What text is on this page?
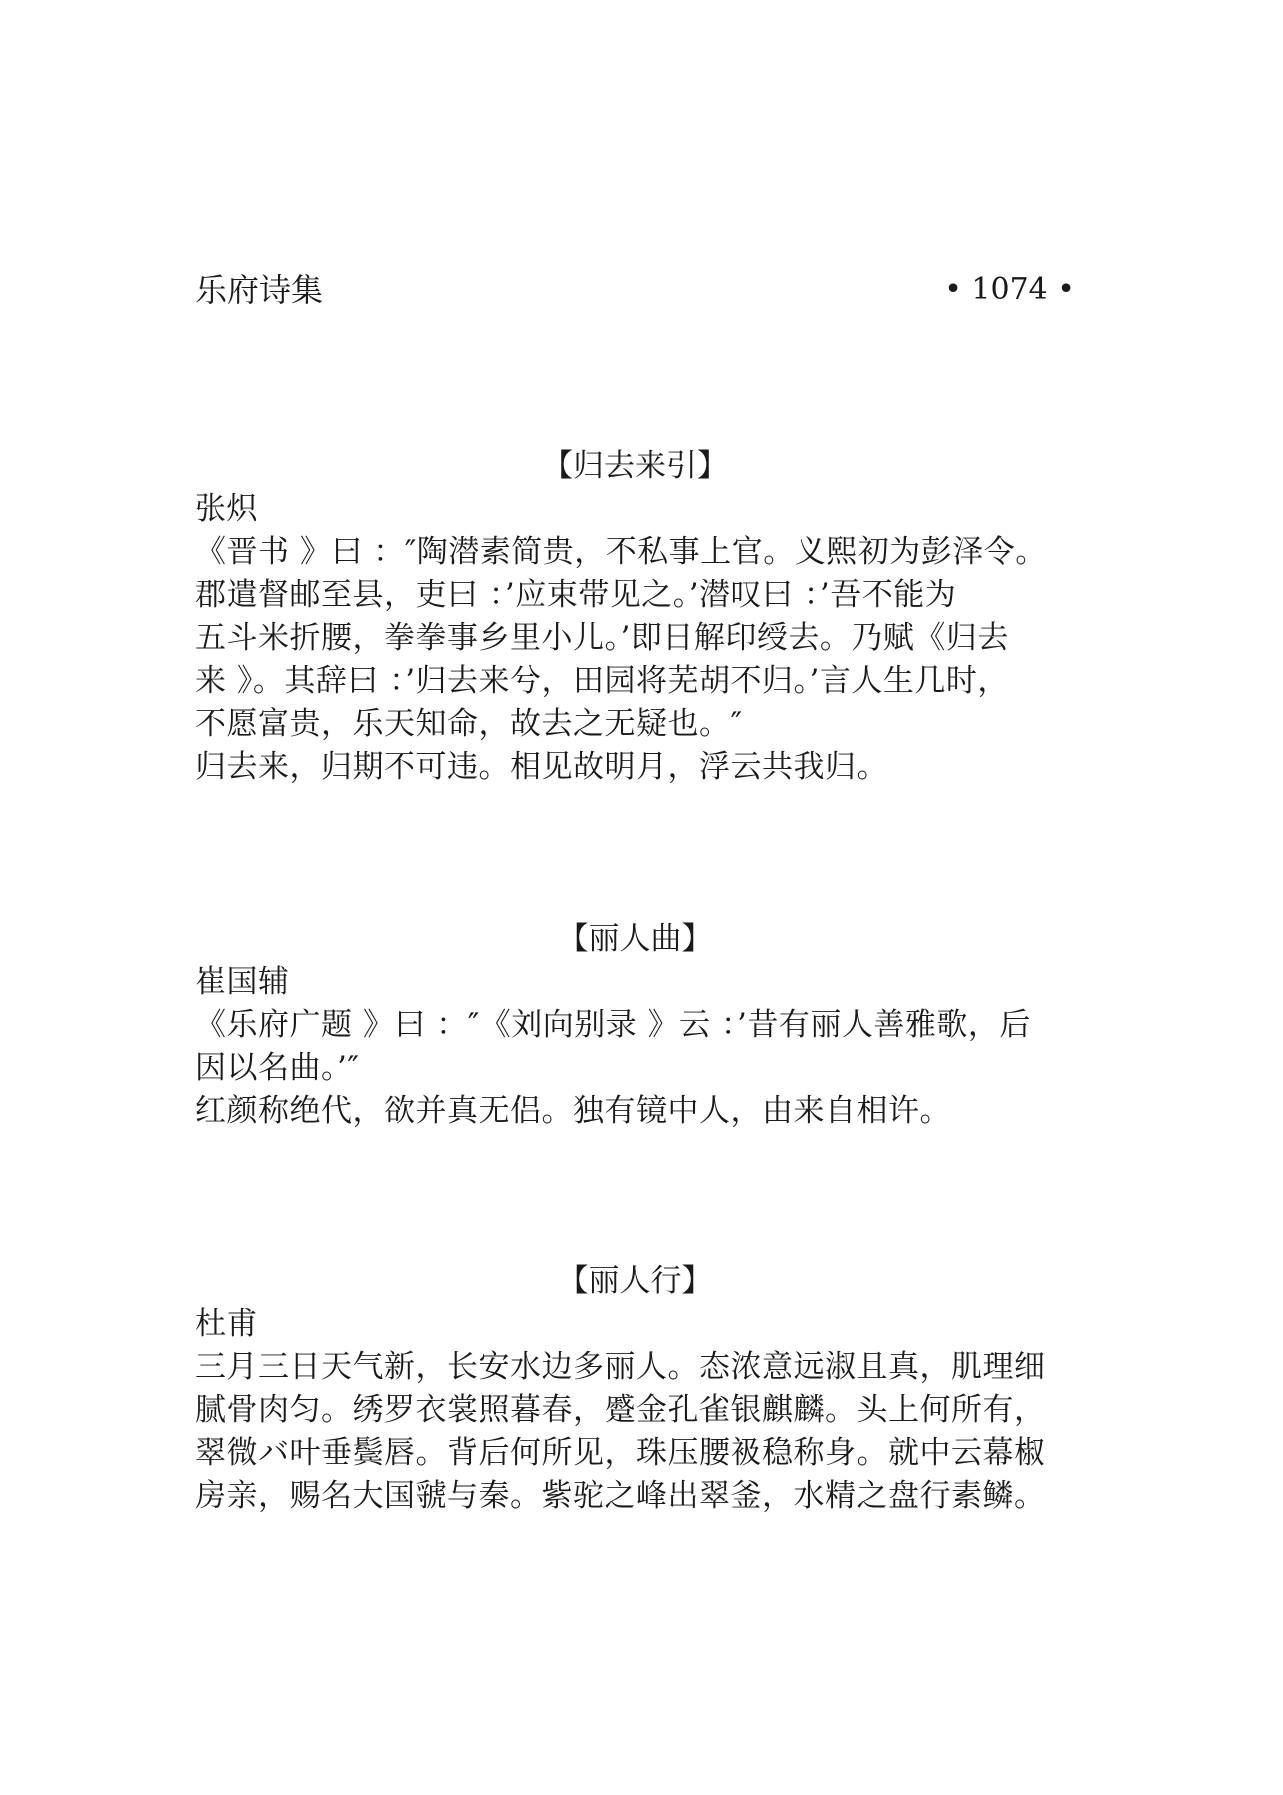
乐府诗集	• 1074 •
【归去来引】
张炽
《晋书 》曰 ：″陶潜素简贵，不私事上官。义熙初为彭泽令。
郡遣督邮至县，吏曰 ：’应束带见之。’潜叹曰 ：’吾不能为
五斗米折腰，拳拳事乡里小儿。’即日解印绶去。乃赋《归去
来 》。其辞曰 ：’归去来兮，田园将芜胡不归。’言人生几时，
不愿富贵，乐天知命，故去之无疑也。″
归去来，归期不可违。相见故明月，浮云共我归。
【丽人曲】
崔国辅
《乐府广题 》曰 ：″《刘向别录 》云 ：’昔有丽人善雅歌，后
因以名曲。’″
红颜称绝代，欲并真无侣。独有镜中人，由来自相许。
【丽人行】
杜甫
三月三日天气新，长安水边多丽人。态浓意远淑且真，肌理细
腻骨肉匀。绣罗衣裳照暮春，蹙金孔雀银麒麟。头上何所有，
翠微バ叶垂鬓唇。背后何所见，珠压腰衱稳称身。就中云幕椒
房亲，赐名大国虢与秦。紫驼之峰出翠釜，水精之盘行素鳞。
